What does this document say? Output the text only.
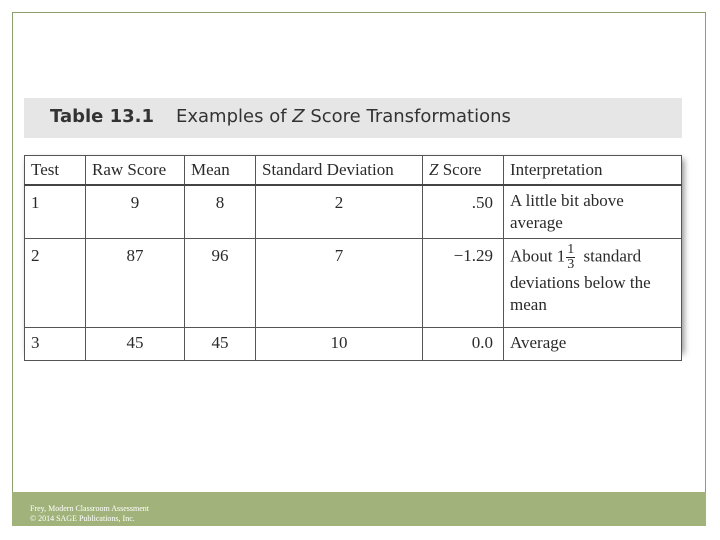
Table 13.1 Examples of Z Score Transformations
Test	Raw Score	Mean	Standard Deviation	Z Score	Interpretation
1	9	8	2	.50	A little bit above average
2	87	96	7	−1.29	About $1 \frac{1}{3}$ standard deviations below the mean
3	45	45	10	0.0	Average
Frey, Modern Classroom Assessment
© 2014 SAGE Publications, Inc.
